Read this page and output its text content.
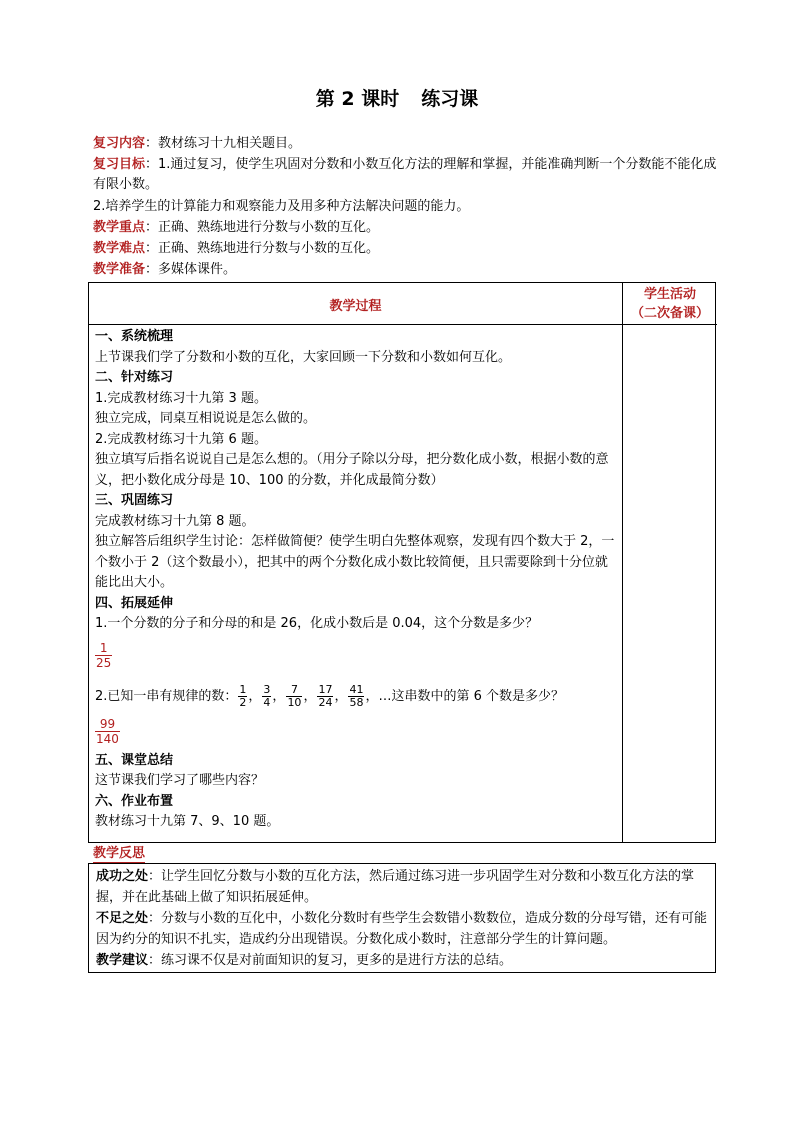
第 2 课时 练习课
复习内容：教材练习十九相关题目。
复习目标：1.通过复习，使学生巩固对分数和小数互化方法的理解和掌握，并能准确判断一个分数能不能化成有限小数。
2.培养学生的计算能力和观察能力及用多种方法解决问题的能力。
教学重点：正确、熟练地进行分数与小数的互化。
教学难点：正确、熟练地进行分数与小数的互化。
教学准备：多媒体课件。
教学过程
学生活动
（二次备课）

一、系统梳理

上节课我们学了分数和小数的互化，大家回顾一下分数和小数如何互化。

二、针对练习

1.完成教材练习十九第 3 题。

独立完成，同桌互相说说是怎么做的。

2.完成教材练习十九第 6 题。

独立填写后指名说说自己是怎么想的。（用分子除以分母，把分数化成小数，根据小数的意义，把小数化成分母是 10、100 的分数，并化成最简分数）

三、巩固练习

完成教材练习十九第 8 题。

独立解答后组织学生讨论：怎样做简便？使学生明白先整体观察，发现有四个数大于 2，一个数小于 2（这个数最小），把其中的两个分数化成小数比较简便，且只需要除到十分位就能比出大小。

四、拓展延伸

1.一个分数的分子和分母的和是 26，化成小数后是 0.04，这个分数是多少？

$\frac{1}{25}$
2.已知一串有规律的数： $\frac{1}{2}$ ， $\frac{3}{4}$ ， $\frac{7}{10}$ ， $\frac{17}{24}$ ， $\frac{41}{58}$ ，…这串数中的第 6 个数是多少？
$\frac{99}{140}$

五、课堂总结

这节课我们学习了哪些内容？

六、作业布置

教材练习十九第 7、9、10 题。

教学反思

成功之处：让学生回忆分数与小数的互化方法，然后通过练习进一步巩固学生对分数和小数互化方法的掌握，并在此基础上做了知识拓展延伸。

不足之处：分数与小数的互化中，小数化分数时有些学生会数错小数数位，造成分数的分母写错，还有可能因为约分的知识不扎实，造成约分出现错误。分数化成小数时，注意部分学生的计算问题。

教学建议：练习课不仅是对前面知识的复习，更多的是进行方法的总结。
